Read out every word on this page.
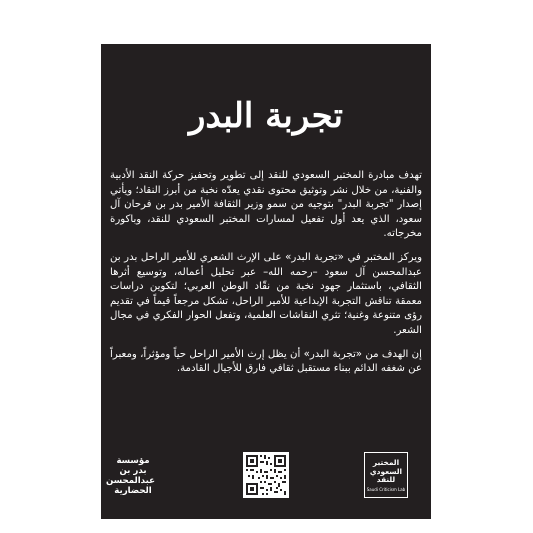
تجربة البدر

تهدف مبادرة المختبر السعودي للنقد إلى تطوير وتحفيز حركة النقد الأدبية والفنية، من خلال نشر وتوثيق محتوى نقدي يعدّه نخبة من أبرز النقاد؛ ويأتي إصدار "تجربة البدر" بتوجيه من سمو وزير الثقافة الأمير بدر بن فرحان آل سعود، الذي يعد أول تفعيل لمسارات المختبر السعودي للنقد، وباكورة مخرجاته.

ويركز المختبر في «تجربة البدر» على الإرث الشعري للأمير الراحل بدر بن عبدالمحسن آل سعود –رحمه الله– عبر تحليل أعماله، وتوسيع أثرها الثقافي، باستثمار جهود نخبة من نقّاد الوطن العربي؛ لتكوين دراسات معمقة تناقش التجربة الإبداعية للأمير الراحل، تشكل مرجعاً قيماً في تقديم رؤى متنوعة وغنية؛ تثري النقاشات العلمية، وتفعل الحوار الفكري في مجال الشعر.

إن الهدف من «تجربة البدر» أن يظل إرث الأمير الراحل حياً ومؤثراً، ومعبراً عن شغفه الدائم ببناء مستقبل ثقافي فارق للأجيال القادمة.

مؤسسة
بدر بن
عبدالمحسن
الحضارية
المختبر
السعودي
للنقد
Saudi Criticism Lab
